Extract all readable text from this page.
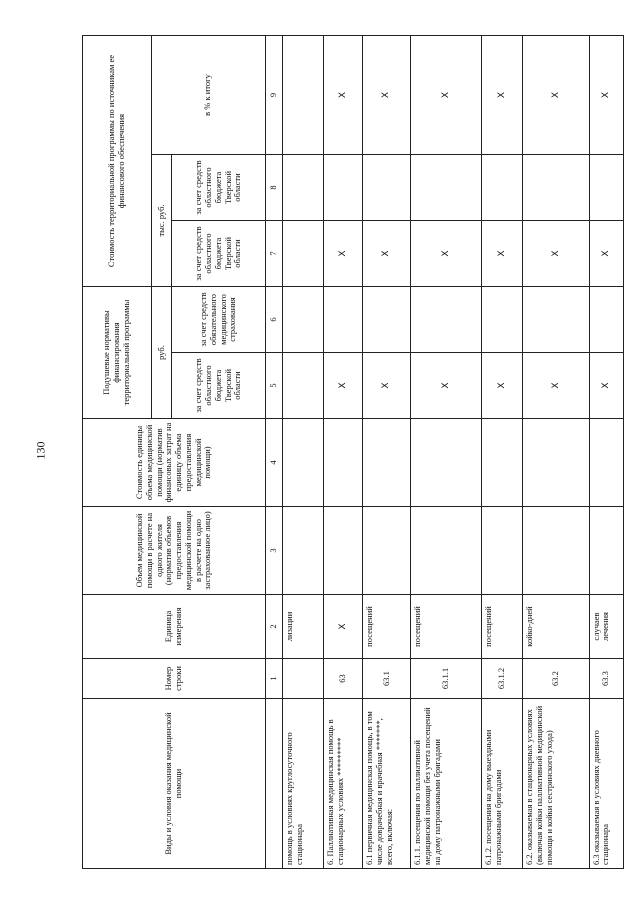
130
Виды и условия оказания медицинской помощи	Номер строки	Единица измерения	Объем медицинской помощи в расчете на одного жителя (норматив объемов предоставления медицинской помощи в расчете на одно застрахованное лицо)	Стоимость единицы объема медицинской помощи (норматив финансовых затрат на единицу объема предоставления медицинской помощи)	Подушевые нормативы финансирования территориальной программы		Стоимость территориальной программы по источникам ее финансового обеспечения		
					руб.		тыс. руб.		в % к итогу
					за счет средств областного бюджета Тверской области	за счет средств обязательного медицинского страхования	за счет средств областного бюджета Тверской области	за счет средств областного бюджета Тверской области	
	1	2	3	4	5	6	7	8	9
помощь в условиях круглосуточного стационара		лизации							
6. Паллиативная медицинская помощь в стационарных условиях *********	63	X			X		X		X
6.1 первичная медицинская помощь, в том числе доврачебная и врачебная *******, всего, включая:	63.1	посещений			X		X		X
6.1.1. посещения по паллиативной медицинской помощи без учета посещений на дому патронажными бригадами	63.1.1	посещений			X		X		X
6.1.2. посещения на дому выездными патронажными бригадами	63.1.2	посещений			X		X		X
6.2. оказываемая в стационарных условиях (включая койки паллиативной медицинской помощи и койки сестринского ухода)	63.2	койко-дней			X		X		X
6.3 оказываемая в условиях дневного стационара	63.3	случаев лечения			X		X		X
